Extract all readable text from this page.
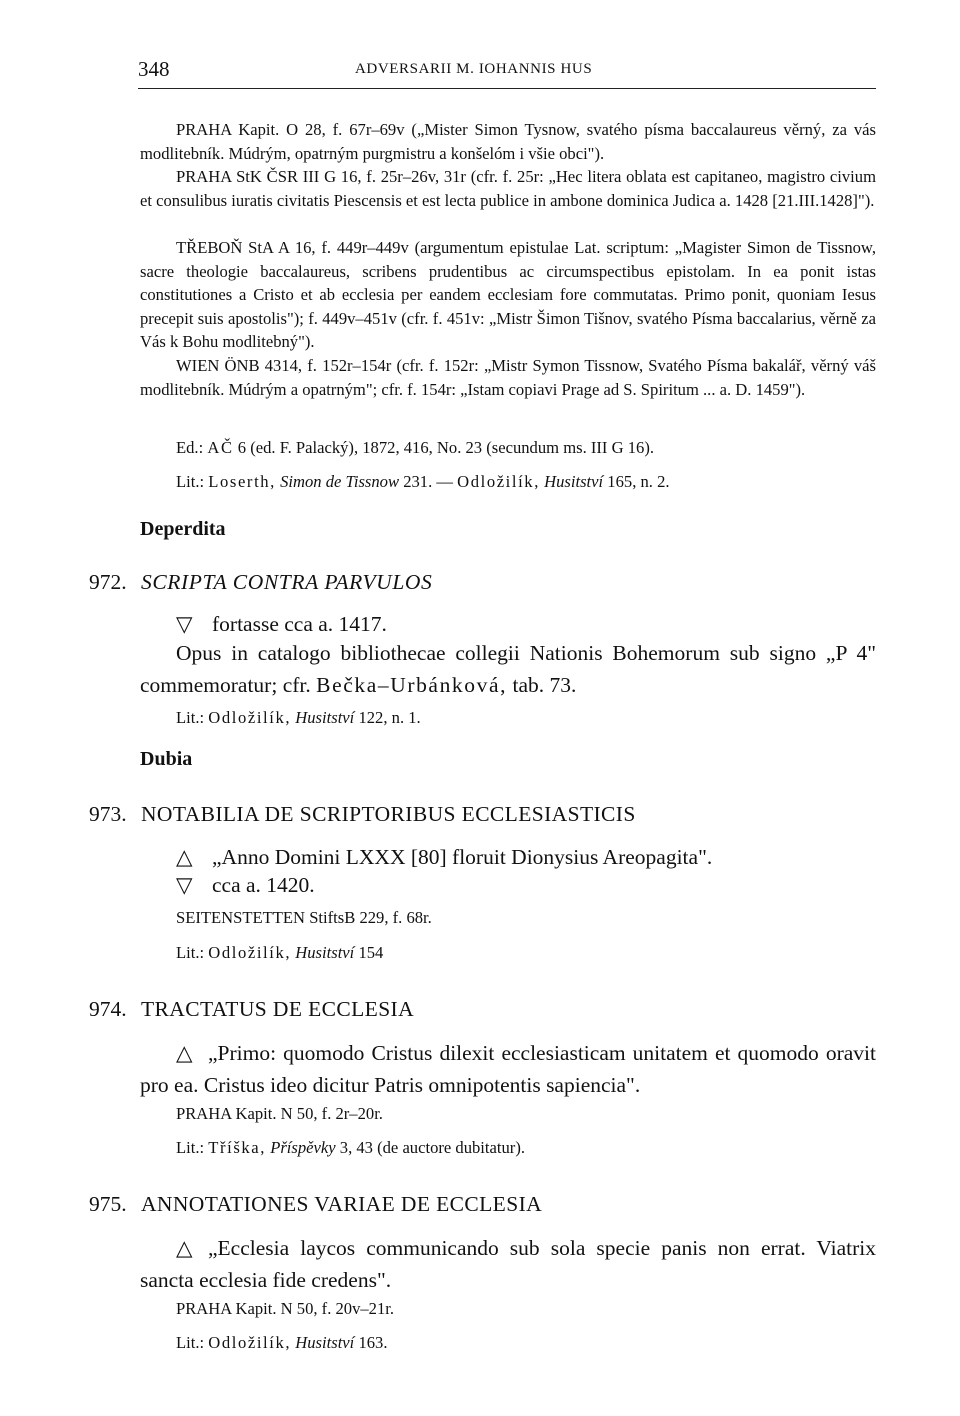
348	ADVERSARII M. IOHANNIS HUS

PRAHA Kapit. O 28, f. 67r–69v („Mister Simon Tysnow, svatého písma baccalaureus věrný, za vás modlitebník. Múdrým, opatrným purgmistru a konšelóm i všie obci").

PRAHA StK ČSR III G 16, f. 25r–26v, 31r (cfr. f. 25r: „Hec litera oblata est capitaneo, magistro civium et consulibus iuratis civitatis Piescensis et est lecta publice in ambone dominica Judica a. 1428 [21.III.1428]").

TŘEBOŇ StA A 16, f. 449r–449v (argumentum epistulae Lat. scriptum: „Magister Simon de Tissnow, sacre theologie baccalaureus, scribens prudentibus ac circumspectibus epistolam. In ea ponit istas constitutiones a Cristo et ab ecclesia per eandem ecclesiam fore commutatas. Primo ponit, quoniam Iesus precepit suis apostolis"); f. 449v–451v (cfr. f. 451v: „Mistr Šimon Tišnov, svatého Písma baccalarius, věrně za Vás k Bohu modlitebný").

WIEN ÖNB 4314, f. 152r–154r (cfr. f. 152r: „Mistr Symon Tissnow, Svatého Písma bakalář, věrný váš modlitebník. Múdrým a opatrným"; cfr. f. 154r: „Istam copiavi Prage ad S. Spiritum ... a. D. 1459").

Ed.: AČ 6 (ed. F. Palacký), 1872, 416, No. 23 (secundum ms. III G 16).
Lit.: Loserth, Simon de Tissnow 231. — Odložilík, Husitství 165, n. 2.
Deperdita
972. SCRIPTA CONTRA PARVULOS
▽ fortasse cca a. 1417.

Opus in catalogo bibliothecae collegii Nationis Bohemorum sub signo „P 4" commemoratur; cfr. Bečka–Urbánková, tab. 73.

Lit.: Odložilík, Husitství 122, n. 1.
Dubia
973. NOTABILIA DE SCRIPTORIBUS ECCLESIASTICIS
△ „Anno Domini LXXX [80] floruit Dionysius Areopagita".
▽ cca a. 1420.
SEITENSTETTEN StiftsB 229, f. 68r.
Lit.: Odložilík, Husitství 154
974. TRACTATUS DE ECCLESIA

△ „Primo: quomodo Cristus dilexit ecclesiasticam unitatem et quomodo oravit pro ea. Cristus ideo dicitur Patris omnipotentis sapiencia".

PRAHA Kapit. N 50, f. 2r–20r.
Lit.: Tříška, Příspěvky 3, 43 (de auctore dubitatur).
975. ANNOTATIONES VARIAE DE ECCLESIA

△ „Ecclesia laycos communicando sub sola specie panis non errat. Viatrix sancta ecclesia fide credens".

PRAHA Kapit. N 50, f. 20v–21r.
Lit.: Odložilík, Husitství 163.
